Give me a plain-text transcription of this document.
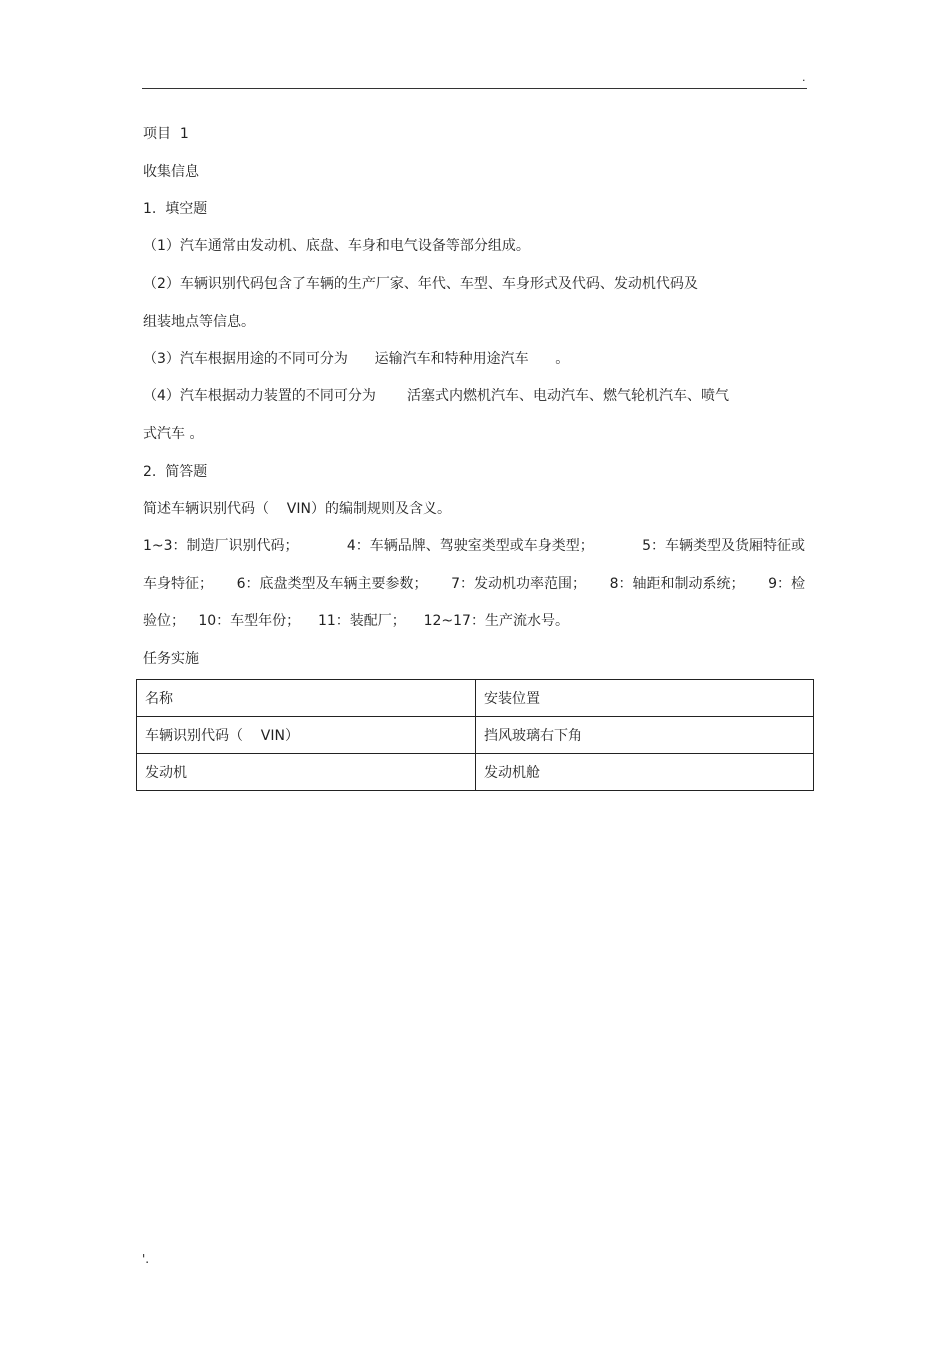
.
项目  1
收集信息
1.  填空题
（1）汽车通常由发动机、底盘、车身和电气设备等部分组成。
（2）车辆识别代码包含了车辆的生产厂家、年代、车型、车身形式及代码、发动机代码及
组装地点等信息。
（3）汽车根据用途的不同可分为      运输汽车和特种用途汽车      。
（4）汽车根据动力装置的不同可分为       活塞式内燃机汽车、电动汽车、燃气轮机汽车、喷气
式汽车 。
2.  简答题
简述车辆识别代码（    VIN）的编制规则及含义。
1~3：制造厂识别代码；	4：车辆品牌、驾驶室类型或车身类型；	5：车辆类型及货厢特征或
车身特征； 6：底盘类型及车辆主要参数； 7：发动机功率范围； 8：轴距和制动系统； 9：检
验位；   10：车型年份；    11：装配厂；    12~17：生产流水号。
任务实施
名称	安装位置
车辆识别代码（    VIN）	挡风玻璃右下角
发动机	发动机舱
'.
